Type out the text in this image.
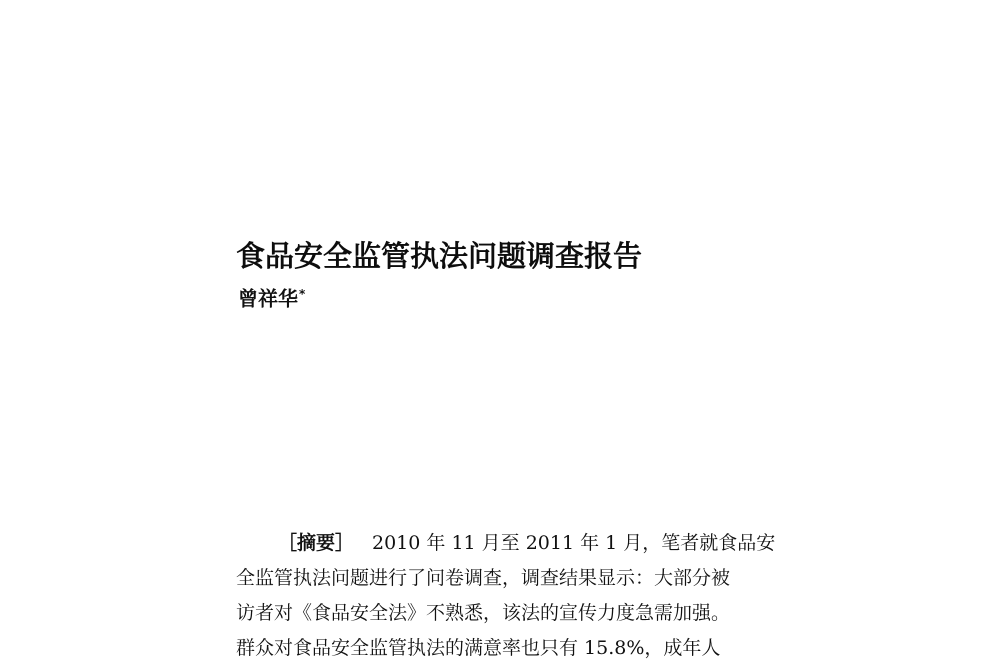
食品安全监管执法问题调查报告
曾祥华*
［摘要］ 2010 年 11 月至 2011 年 1 月，笔者就食品安
全监管执法问题进行了问卷调查，调查结果显示：大部分被
访者对《食品安全法》不熟悉，该法的宣传力度急需加强。
群众对食品安全监管执法的满意率也只有 15.8%，成年人
